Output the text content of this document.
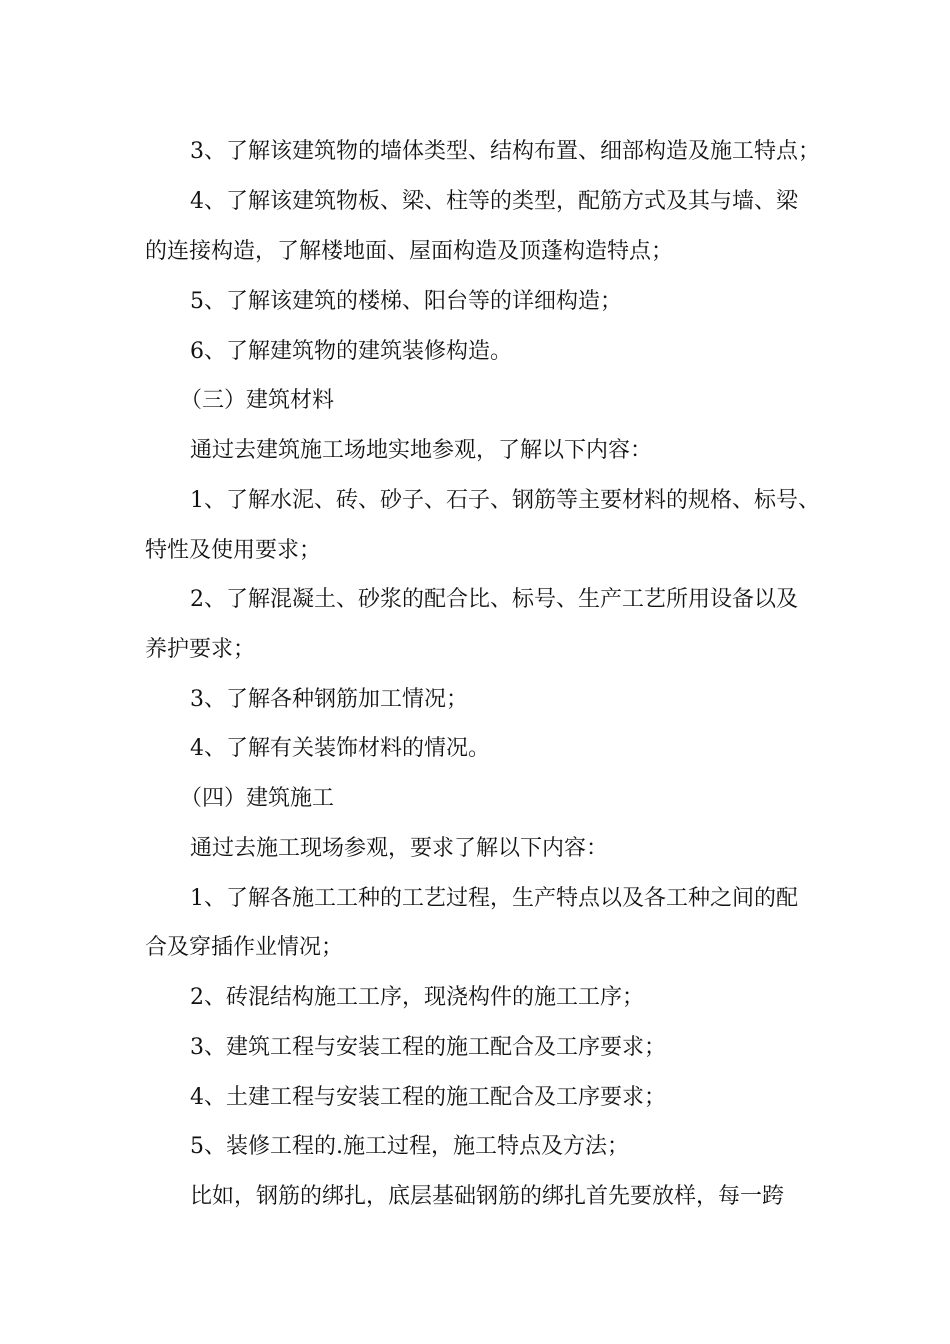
3、了解该建筑物的墙体类型、结构布置、细部构造及施工特点；
4、了解该建筑物板、梁、柱等的类型，配筋方式及其与墙、梁
的连接构造，了解楼地面、屋面构造及顶蓬构造特点；
5、了解该建筑的楼梯、阳台等的详细构造；
6、了解建筑物的建筑装修构造。
（三）建筑材料
通过去建筑施工场地实地参观，了解以下内容：
1、了解水泥、砖、砂子、石子、钢筋等主要材料的规格、标号、
特性及使用要求；
2、了解混凝土、砂浆的配合比、标号、生产工艺所用设备以及
养护要求；
3、了解各种钢筋加工情况；
4、了解有关装饰材料的情况。
（四）建筑施工
通过去施工现场参观，要求了解以下内容：
1、了解各施工工种的工艺过程，生产特点以及各工种之间的配
合及穿插作业情况；
2、砖混结构施工工序，现浇构件的施工工序；
3、建筑工程与安装工程的施工配合及工序要求；
4、土建工程与安装工程的施工配合及工序要求；
5、装修工程的.施工过程，施工特点及方法；
比如，钢筋的绑扎，底层基础钢筋的绑扎首先要放样，每一跨
